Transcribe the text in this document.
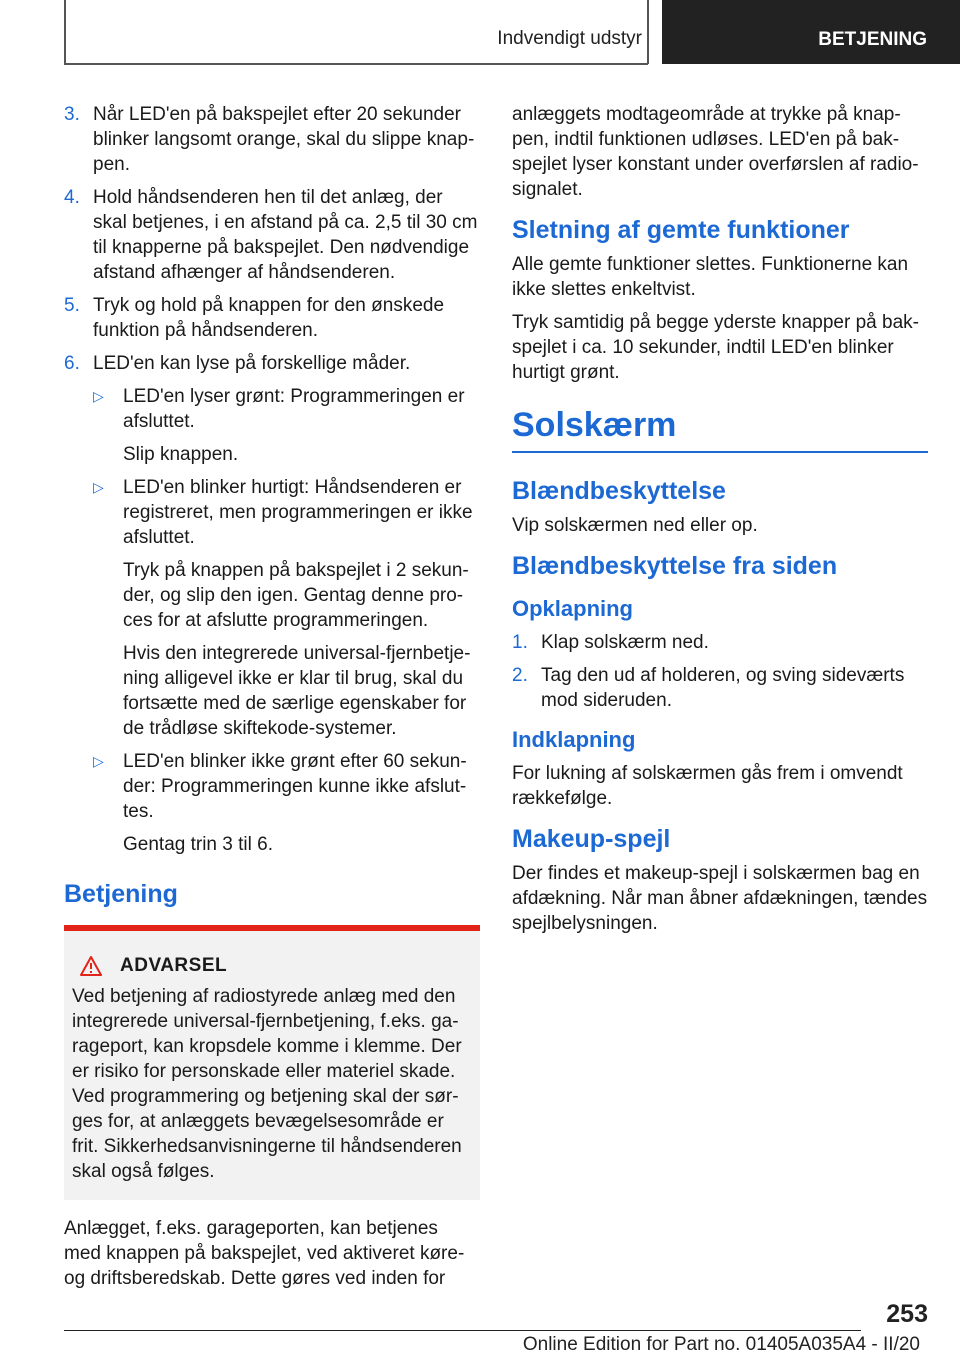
Indvendigt udstyr	BETJENING
3. Når LED'en på bakspejlet efter 20 sekunder blinker langsomt orange, skal du slippe knap‐pen.
4. Hold håndsenderen hen til det anlæg, der skal betjenes, i en afstand på ca. 2,5 til 30 cm til knapperne på bakspejlet. Den nødvendige afstand afhænger af håndsenderen.
5. Tryk og hold på knappen for den ønskede funktion på håndsenderen.
6. LED'en kan lyse på forskellige måder.
▷ LED'en lyser grønt: Programmeringen er afsluttet.
Slip knappen.
▷ LED'en blinker hurtigt: Håndsenderen er registreret, men programmeringen er ikke afsluttet.
Tryk på knappen på bakspejlet i 2 sekun‐der, og slip den igen. Gentag denne pro‐ces for at afslutte programmeringen.
Hvis den integrerede universal-fjernbetje‐ning alligevel ikke er klar til brug, skal du fortsætte med de særlige egenskaber for de trådløse skiftekode-systemer.
▷ LED'en blinker ikke grønt efter 60 sekun‐der: Programmeringen kunne ikke afslut‐tes.
Gentag trin 3 til 6.
Betjening
ADVARSEL
Ved betjening af radiostyrede anlæg med den integrerede universal-fjernbetjening, f.eks. ga‐rageport, kan kropsdele komme i klemme. Der er risiko for personskade eller materiel skade. Ved programmering og betjening skal der sør‐ges for, at anlæggets bevægelsesområde er frit. Sikkerhedsanvisningerne til håndsenderen skal også følges.

Anlægget, f.eks. garageporten, kan betjenes med knappen på bakspejlet, ved aktiveret køre- og driftsberedskab. Dette gøres ved inden for

anlæggets modtageområde at trykke på knap‐pen, indtil funktionen udløses. LED'en på bak‐spejlet lyser konstant under overførslen af radio‐signalet.

Sletning af gemte funktioner

Alle gemte funktioner slettes. Funktionerne kan ikke slettes enkeltvist.

Tryk samtidig på begge yderste knapper på bak‐spejlet i ca. 10 sekunder, indtil LED'en blinker hurtigt grønt.

Solskærm
Blændbeskyttelse

Vip solskærmen ned eller op.

Blændbeskyttelse fra siden
Opklapning
1. Klap solskærm ned.
2. Tag den ud af holderen, og sving sideværts mod sideruden.
Indklapning

For lukning af solskærmen gås frem i omvendt rækkefølge.

Makeup-spejl

Der findes et makeup-spejl i solskærmen bag en afdækning. Når man åbner afdækningen, tændes spejlbelysningen.

253
Online Edition for Part no. 01405A035A4 - II/20
